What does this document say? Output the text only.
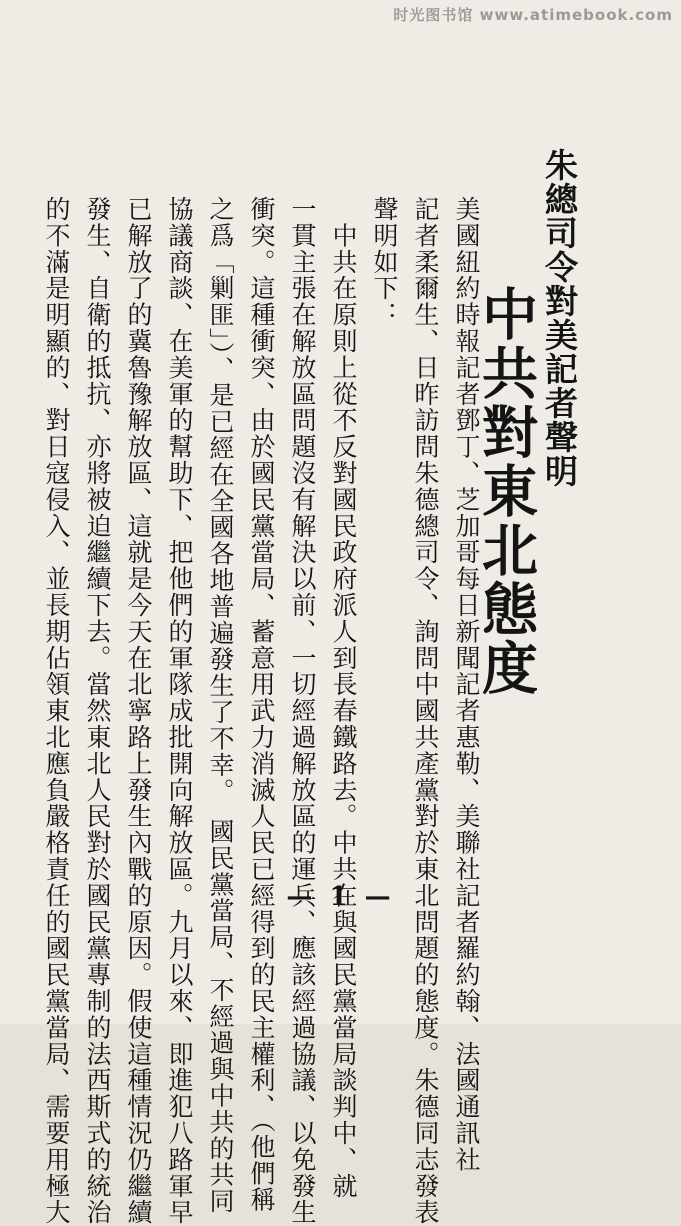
时光图书馆 www.atimebook.com
朱總司令對美記者聲明
中共對東北態度
美國紐約時報記者鄧丁、芝加哥每日新聞記者惠勒、美聯社記者羅約翰、法國通訊社
記者柔爾生、日昨訪問朱德總司令、詢問中國共產黨對於東北問題的態度。朱德同志發表
聲明如下：
　中共在原則上從不反對國民政府派人到長春鐵路去。中共在與國民黨當局談判中、就
一貫主張在解放區問題沒有解決以前、一切經過解放區的運兵、應該經過協議、以免發生
衝突。這種衝突、由於國民黨當局、蓄意用武力消滅人民已經得到的民主權利、（他們稱
之爲「剿匪」）、是已經在全國各地普遍發生了不幸。　國民黨當局、不經過與中共的共同
協議商談、在美軍的幫助下、把他們的軍隊成批開向解放區。九月以來、即進犯八路軍早
已解放了的冀魯豫解放區、這就是今天在北寧路上發生內戰的原因。假使這種情況仍繼續
發生、自衛的抵抗、亦將被迫繼續下去。當然東北人民對於國民黨專制的法西斯式的統治
的不滿是明顯的、對日寇侵入、並長期佔領東北應負嚴格責任的國民黨當局、需要用極大	— 1 —
